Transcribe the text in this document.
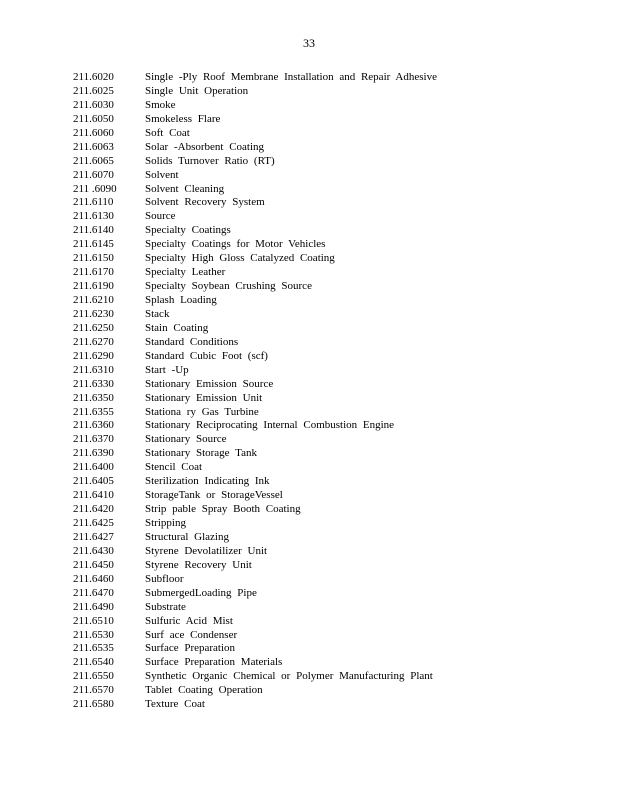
33
211.6020	Single -Ply Roof Membrane Installation and Repair Adhesive
211.6025	Single Unit Operation
211.6030	Smoke
211.6050	Smokeless Flare
211.6060	Soft Coat
211.6063	Solar -Absorbent Coating
211.6065	Solids Turnover Ratio (RT)
211.6070	Solvent
211 .6090	Solvent Cleaning
211.6110	Solvent Recovery System
211.6130	Source
211.6140	Specialty Coatings
211.6145	Specialty Coatings for Motor Vehicles
211.6150	Specialty High Gloss Catalyzed Coating
211.6170	Specialty Leather
211.6190	Specialty Soybean Crushing Source
211.6210	Splash Loading
211.6230	Stack
211.6250	Stain Coating
211.6270	Standard Conditions
211.6290	Standard Cubic Foot (scf)
211.6310	Start -Up
211.6330	Stationary Emission Source
211.6350	Stationary Emission Unit
211.6355	Stationa ry Gas Turbine
211.6360	Stationary Reciprocating Internal Combustion Engine
211.6370	Stationary Source
211.6390	Stationary Storage Tank
211.6400	Stencil Coat
211.6405	Sterilization Indicating Ink
211.6410	StorageTank or StorageVessel
211.6420	Strip pable Spray Booth Coating
211.6425	Stripping
211.6427	Structural Glazing
211.6430	Styrene Devolatilizer Unit
211.6450	Styrene Recovery Unit
211.6460	Subfloor
211.6470	SubmergedLoading Pipe
211.6490	Substrate
211.6510	Sulfuric Acid Mist
211.6530	Surf ace Condenser
211.6535	Surface Preparation
211.6540	Surface Preparation Materials
211.6550	Synthetic Organic Chemical or Polymer Manufacturing Plant
211.6570	Tablet Coating Operation
211.6580	Texture Coat
